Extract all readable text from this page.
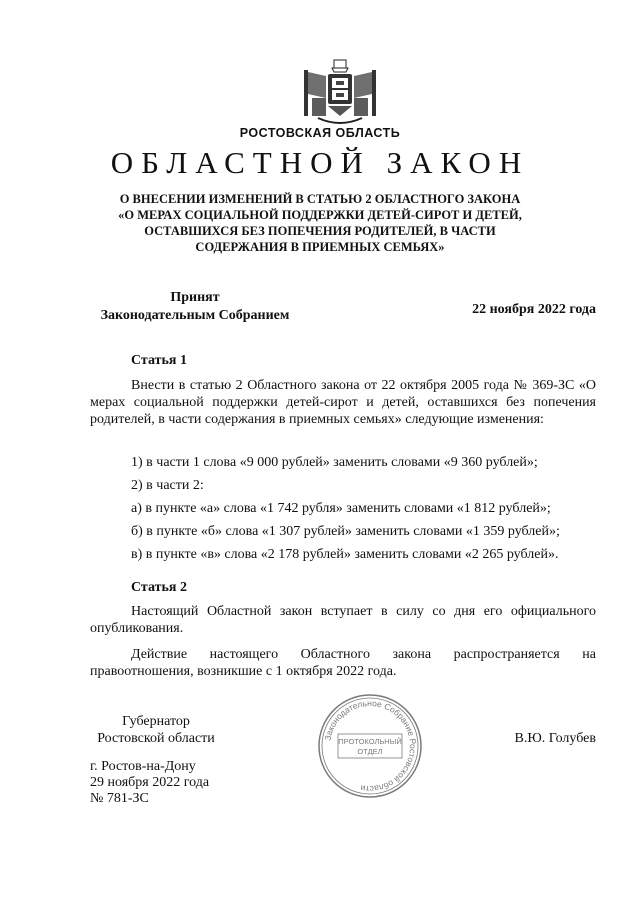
РОСТОВСКАЯ ОБЛАСТЬ
ОБЛАСТНОЙ ЗАКОН
О ВНЕСЕНИИ ИЗМЕНЕНИЙ В СТАТЬЮ 2 ОБЛАСТНОГО ЗАКОНА
«О МЕРАХ СОЦИАЛЬНОЙ ПОДДЕРЖКИ ДЕТЕЙ-СИРОТ И ДЕТЕЙ,
ОСТАВШИХСЯ БЕЗ ПОПЕЧЕНИЯ РОДИТЕЛЕЙ, В ЧАСТИ
СОДЕРЖАНИЯ В ПРИЕМНЫХ СЕМЬЯХ»
Принят
Законодательным Собранием	22 ноября 2022 года
Статья 1

Внести в статью 2 Областного закона от 22 октября 2005 года № 369-ЗС «О мерах социальной поддержки детей-сирот и детей, оставшихся без попечения родителей, в части содержания в приемных семьях» следующие изменения:

1) в части 1 слова «9 000 рублей» заменить словами «9 360 рублей»;
2) в части 2:
а) в пункте «а» слова «1 742 рубля» заменить словами «1 812 рублей»;
б) в пункте «б» слова «1 307 рублей» заменить словами «1 359 рублей»;
в) в пункте «в» слова «2 178 рублей» заменить словами «2 265 рублей».
Статья 2

Настоящий Областной закон вступает в силу со дня его официального опубликования.

Действие настоящего Областного закона распространяется на правоотношения, возникшие с 1 октября 2022 года.

Губернатор
Ростовской области	В.Ю. Голубев
г. Ростов-на-Дону
29 ноября 2022 года
№ 781-ЗС
Законодательное Собрание Ростовской области
ПРОТОКОЛЬНЫЙ
ОТДЕЛ
